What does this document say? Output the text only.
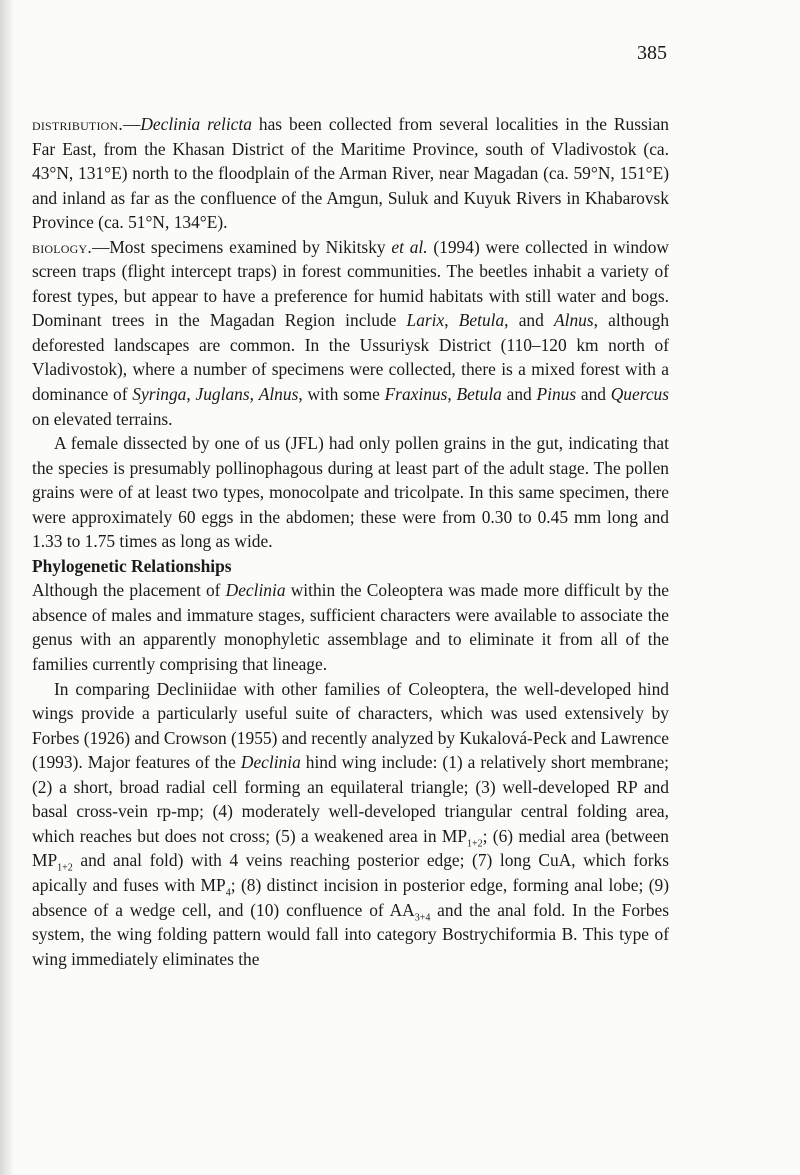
385

distribution.—Declinia relicta has been collected from several localities in the Russian Far East, from the Khasan District of the Maritime Province, south of Vladivostok (ca. 43°N, 131°E) north to the floodplain of the Arman River, near Magadan (ca. 59°N, 151°E) and inland as far as the confluence of the Amgun, Suluk and Kuyuk Rivers in Khabarovsk Province (ca. 51°N, 134°E).

biology.—Most specimens examined by Nikitsky et al. (1994) were collected in window screen traps (flight intercept traps) in forest communities. The beetles inhabit a variety of forest types, but appear to have a preference for humid habitats with still water and bogs. Dominant trees in the Magadan Region include Larix, Betula, and Alnus, although deforested landscapes are common. In the Ussuriysk District (110–120 km north of Vladivostok), where a number of specimens were collected, there is a mixed forest with a dominance of Syringa, Juglans, Alnus, with some Fraxinus, Betula and Pinus and Quercus on elevated terrains.

A female dissected by one of us (JFL) had only pollen grains in the gut, indicating that the species is presumably pollinophagous during at least part of the adult stage. The pollen grains were of at least two types, monocolpate and tricolpate. In this same specimen, there were approximately 60 eggs in the abdomen; these were from 0.30 to 0.45 mm long and 1.33 to 1.75 times as long as wide.

Phylogenetic Relationships

Although the placement of Declinia within the Coleoptera was made more difficult by the absence of males and immature stages, sufficient characters were available to associate the genus with an apparently monophyletic assemblage and to eliminate it from all of the families currently comprising that lineage.

In comparing Decliniidae with other families of Coleoptera, the well-developed hind wings provide a particularly useful suite of characters, which was used extensively by Forbes (1926) and Crowson (1955) and recently analyzed by Kukalová-Peck and Lawrence (1993). Major features of the Declinia hind wing include: (1) a relatively short membrane; (2) a short, broad radial cell forming an equilateral triangle; (3) well-developed RP and basal cross-vein rp-mp; (4) moderately well-developed triangular central folding area, which reaches but does not cross; (5) a weakened area in $MP_{1+2}$; (6) medial area (between $MP_{1+2}$ and anal fold) with 4 veins reaching posterior edge; (7) long CuA, which forks apically and fuses with $MP_4$; (8) distinct incision in posterior edge, forming anal lobe; (9) absence of a wedge cell, and (10) confluence of $AA_{3+4}$ and the anal fold. In the Forbes system, the wing folding pattern would fall into category Bostrychiformia B. This type of wing immediately eliminates the
